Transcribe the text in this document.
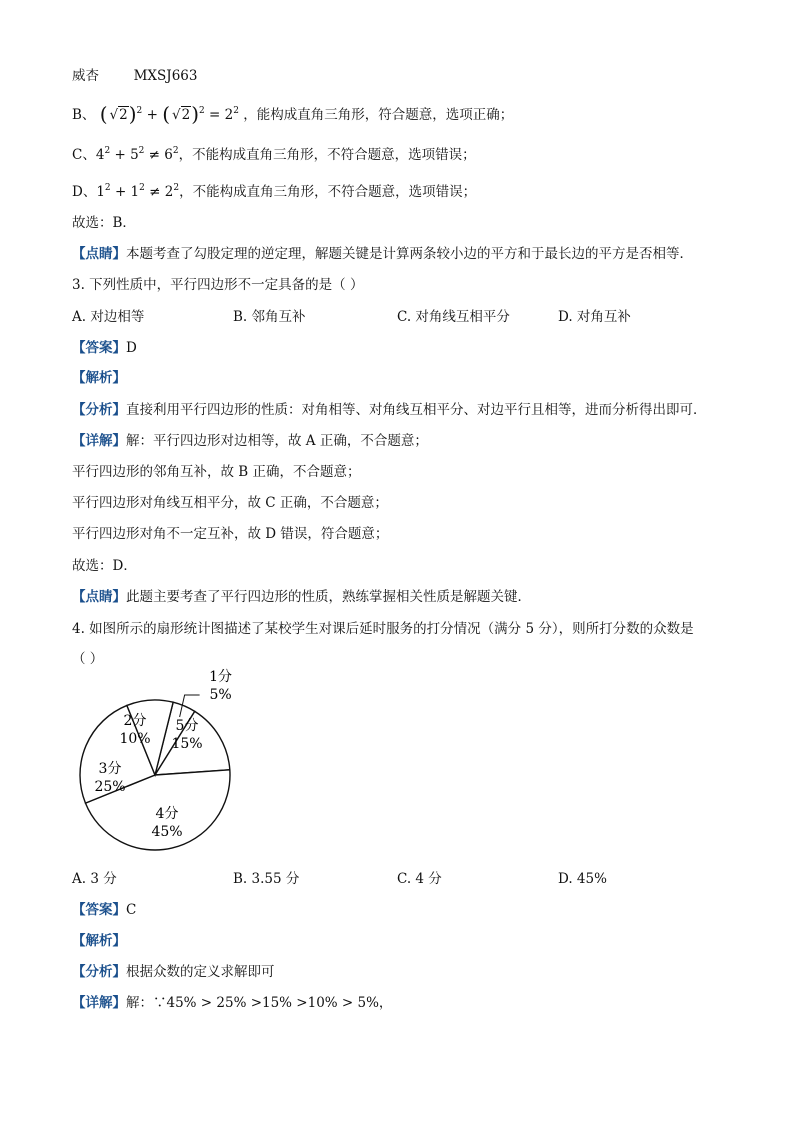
威杏	MXSJ663
B、 ( √2)$^2$ + ( $√2)^2 = 2^2$ ，能构成直角三角形，符合题意，选项正确；
C、$4^2 + 5^2 \ne 6^2$，不能构成直角三角形，不符合题意，选项错误；
D、$1^2 + 1^2 \ne 2^2$，不能构成直角三角形，不符合题意，选项错误；
故选：B．
【点睛】本题考查了勾股定理的逆定理，解题关键是计算两条较小边的平方和于最长边的平方是否相等．
3. 下列性质中，平行四边形不一定具备的是（ ）
A. 对边相等	B. 邻角互补	C. 对角线互相平分	D. 对角互补
【答案】D
【解析】
【分析】直接利用平行四边形的性质：对角相等、对角线互相平分、对边平行且相等，进而分析得出即可．
【详解】解：平行四边形对边相等，故 A 正确，不合题意；
平行四边形的邻角互补，故 B 正确，不合题意；
平行四边形对角线互相平分，故 C 正确，不合题意；
平行四边形对角不一定互补，故 D 错误，符合题意；
故选：D．
【点睛】此题主要考查了平行四边形的性质，熟练掌握相关性质是解题关键．
4. 如图所示的扇形统计图描述了某校学生对课后延时服务的打分情况（满分 5 分），则所打分数的众数是
（ ）
1分
5%
5分
15%
4分
45%
3分
25%
2分
10%
A. 3 分	B. 3.55 分	C. 4 分	D. 45%
【答案】C
【解析】
【分析】根据众数的定义求解即可
【详解】解：∵45% > 25% >15% >10% > 5%，
